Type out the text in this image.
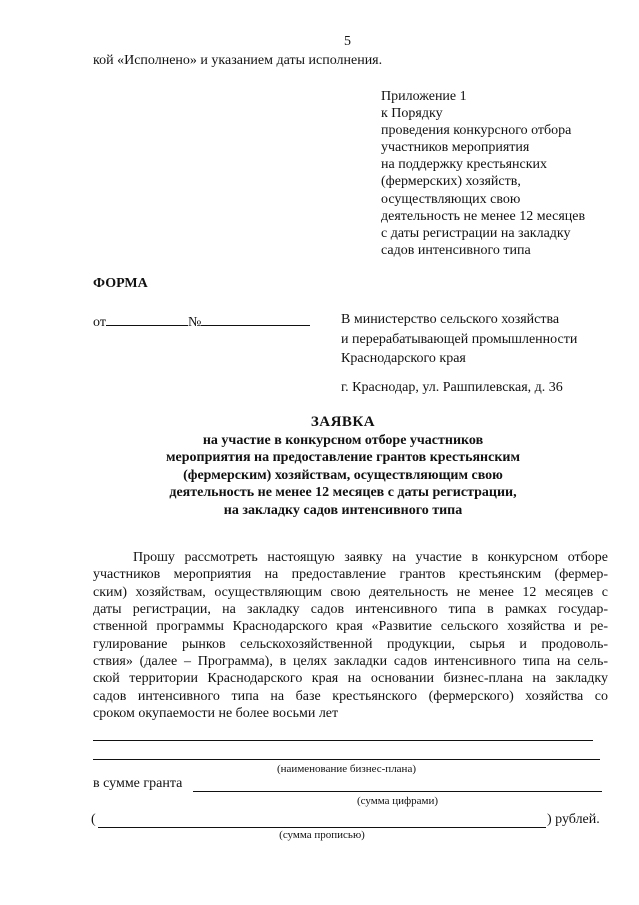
5
кой «Исполнено» и указанием даты исполнения.
Приложение 1
к Порядку
проведения конкурсного отбора
участников мероприятия
на поддержку крестьянских
(фермерских) хозяйств,
осуществляющих свою
деятельность не менее 12 месяцев
с даты регистрации на закладку
садов интенсивного типа
ФОРМА
от	№	В министерство сельского хозяйства
и перерабатывающей промышленности
Краснодарского края
г. Краснодар, ул. Рашпилевская, д. 36
ЗАЯВКА
на участие в конкурсном отборе участников
мероприятия на предоставление грантов крестьянским
(фермерским) хозяйствам, осуществляющим свою
деятельность не менее 12 месяцев с даты регистрации,
на закладку садов интенсивного типа
Прошу рассмотреть настоящую заявку на участие в конкурсном отборе
участников мероприятия на предоставление грантов крестьянским (фермер-
ским) хозяйствам, осуществляющим свою деятельность не менее 12 месяцев с
даты регистрации, на закладку садов интенсивного типа в рамках государ-
ственной программы Краснодарского края «Развитие сельского хозяйства и ре-
гулирование рынков сельскохозяйственной продукции, сырья и продоволь-
ствия» (далее – Программа), в целях закладки садов интенсивного типа на сель-
ской территории Краснодарского края на основании бизнес-плана на закладку
садов интенсивного типа на базе крестьянского (фермерского) хозяйства со
сроком окупаемости не более восьми лет
(наименование бизнес-плана)
в сумме гранта
(сумма цифрами)
(	) рублей.
(сумма прописью)
